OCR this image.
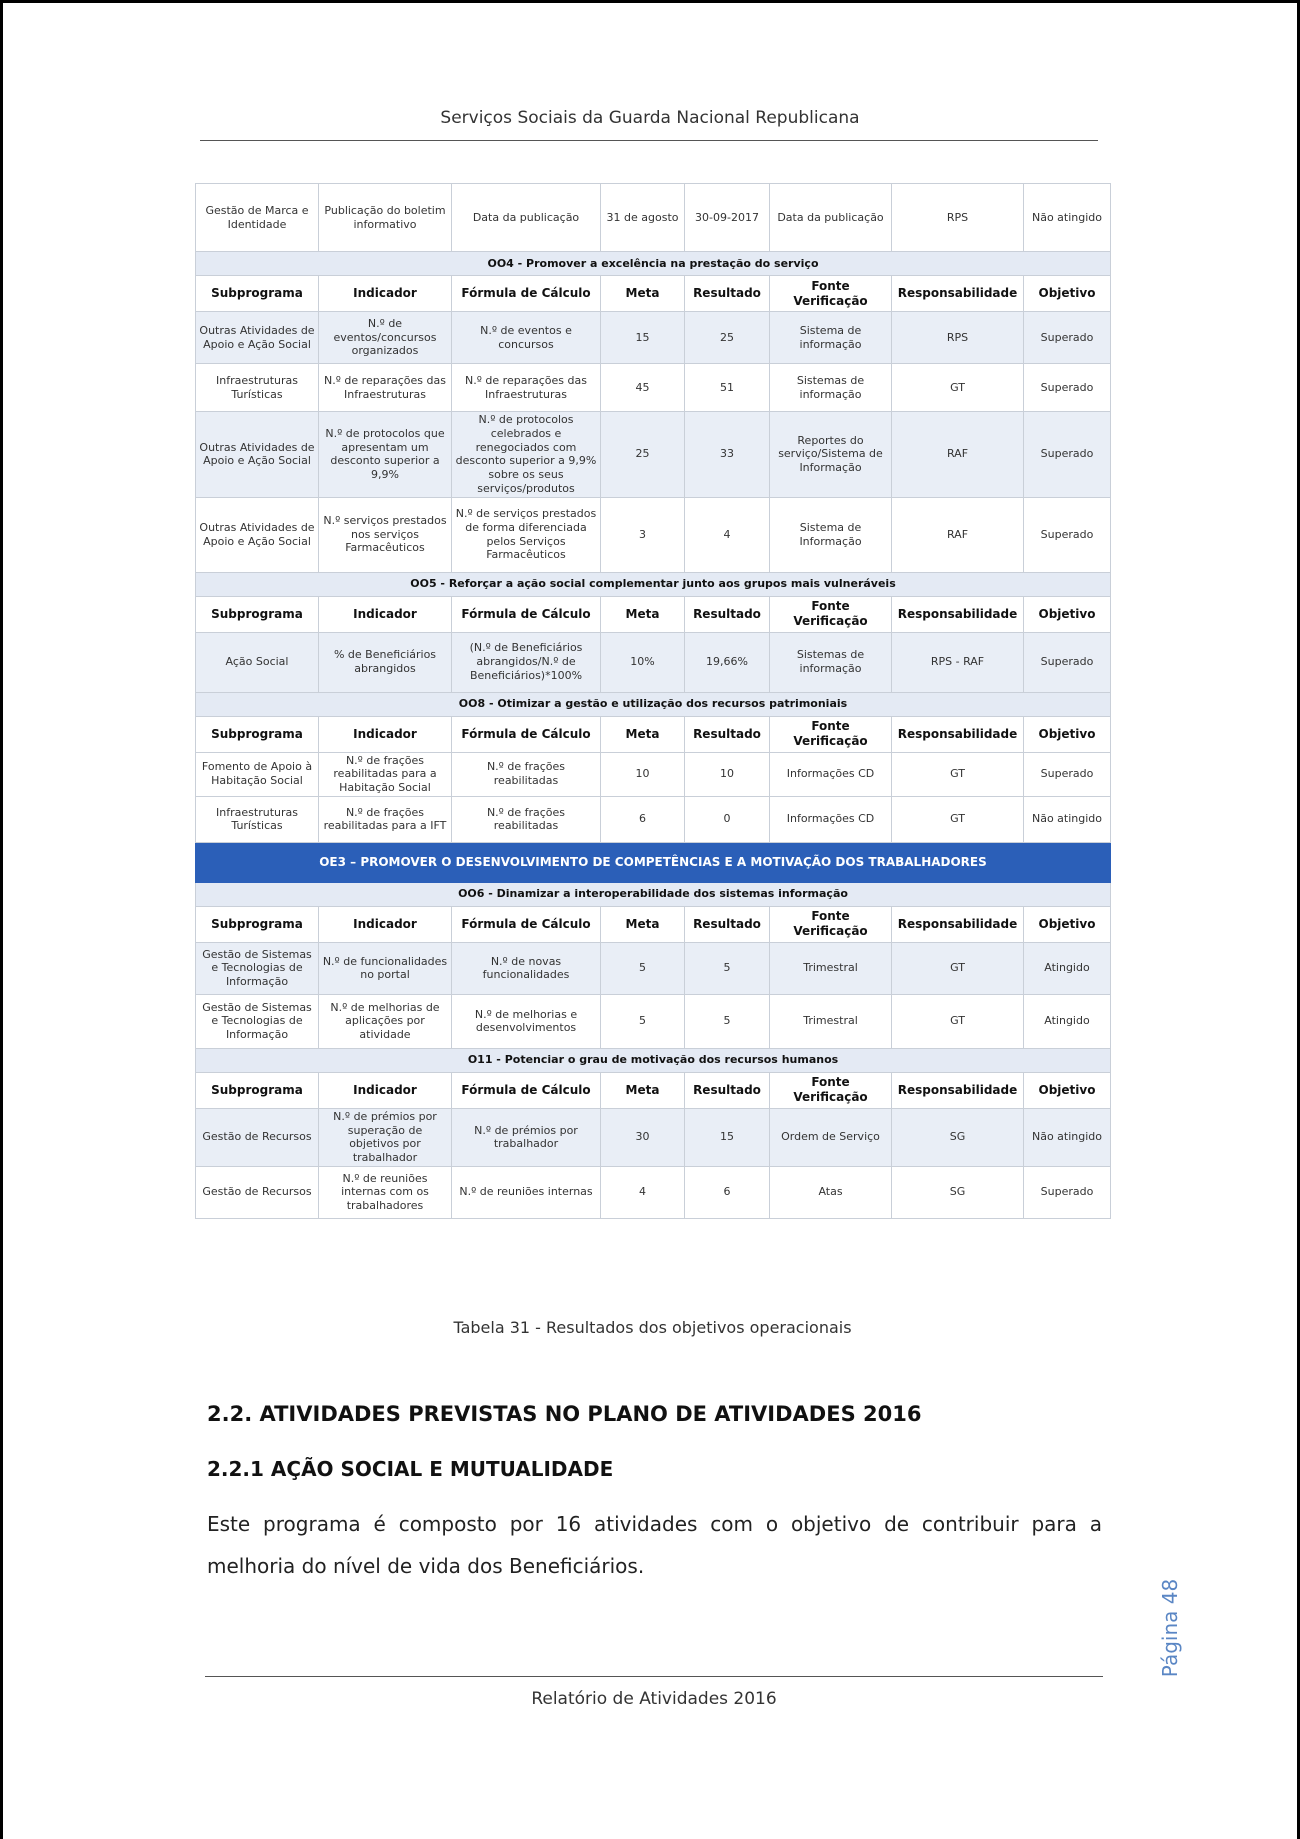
Serviços Sociais da Guarda Nacional Republicana
Gestão de Marca e Identidade	Publicação do boletim informativo	Data da publicação	31 de agosto	30-09-2017	Data da publicação	RPS	Não atingido
OO4 - Promover a excelência na prestação do serviço							
Subprograma	Indicador	Fórmula de Cálculo	Meta	Resultado	Fonte Verificação	Responsabilidade	Objetivo
Outras Atividades de Apoio e Ação Social	N.º de eventos/concursos organizados	N.º de eventos e concursos	15	25	Sistema de informação	RPS	Superado
Infraestruturas Turísticas	N.º de reparações das Infraestruturas	N.º de reparações das Infraestruturas	45	51	Sistemas de informação	GT	Superado
Outras Atividades de Apoio e Ação Social	N.º de protocolos que apresentam um desconto superior a 9,9%	N.º de protocolos celebrados e renegociados com desconto superior a 9,9% sobre os seus serviços/produtos	25	33	Reportes do serviço/Sistema de Informação	RAF	Superado
Outras Atividades de Apoio e Ação Social	N.º serviços prestados nos serviços Farmacêuticos	N.º de serviços prestados de forma diferenciada pelos Serviços Farmacêuticos	3	4	Sistema de Informação	RAF	Superado
OO5 - Reforçar a ação social complementar junto aos grupos mais vulneráveis							
Subprograma	Indicador	Fórmula de Cálculo	Meta	Resultado	Fonte Verificação	Responsabilidade	Objetivo
Ação Social	% de Beneficiários abrangidos	(N.º de Beneficiários abrangidos/N.º de Beneficiários)*100%	10%	19,66%	Sistemas de informação	RPS - RAF	Superado
OO8 - Otimizar a gestão e utilização dos recursos patrimoniais							
Subprograma	Indicador	Fórmula de Cálculo	Meta	Resultado	Fonte Verificação	Responsabilidade	Objetivo
Fomento de Apoio à Habitação Social	N.º de frações reabilitadas para a Habitação Social	N.º de frações reabilitadas	10	10	Informações CD	GT	Superado
Infraestruturas Turísticas	N.º de frações reabilitadas para a IFT	N.º de frações reabilitadas	6	0	Informações CD	GT	Não atingido
OE3 – PROMOVER O DESENVOLVIMENTO DE COMPETÊNCIAS E A MOTIVAÇÃO DOS TRABALHADORES							
OO6 - Dinamizar a interoperabilidade dos sistemas informação							
Subprograma	Indicador	Fórmula de Cálculo	Meta	Resultado	Fonte Verificação	Responsabilidade	Objetivo
Gestão de Sistemas e Tecnologias de Informação	N.º de funcionalidades no portal	N.º de novas funcionalidades	5	5	Trimestral	GT	Atingido
Gestão de Sistemas e Tecnologias de Informação	N.º de melhorias de aplicações por atividade	N.º de melhorias e desenvolvimentos	5	5	Trimestral	GT	Atingido
O11 - Potenciar o grau de motivação dos recursos humanos							
Subprograma	Indicador	Fórmula de Cálculo	Meta	Resultado	Fonte Verificação	Responsabilidade	Objetivo
Gestão de Recursos	N.º de prémios por superação de objetivos por trabalhador	N.º de prémios por trabalhador	30	15	Ordem de Serviço	SG	Não atingido
Gestão de Recursos	N.º de reuniões internas com os trabalhadores	N.º de reuniões internas	4	6	Atas	SG	Superado
Tabela 31 - Resultados dos objetivos operacionais
2.2. ATIVIDADES PREVISTAS NO PLANO DE ATIVIDADES 2016
2.2.1 AÇÃO SOCIAL E MUTUALIDADE
Este programa é composto por 16 atividades com o objetivo de contribuir para a melhoria do nível de vida dos Beneficiários.
Página 48
Relatório de Atividades 2016
